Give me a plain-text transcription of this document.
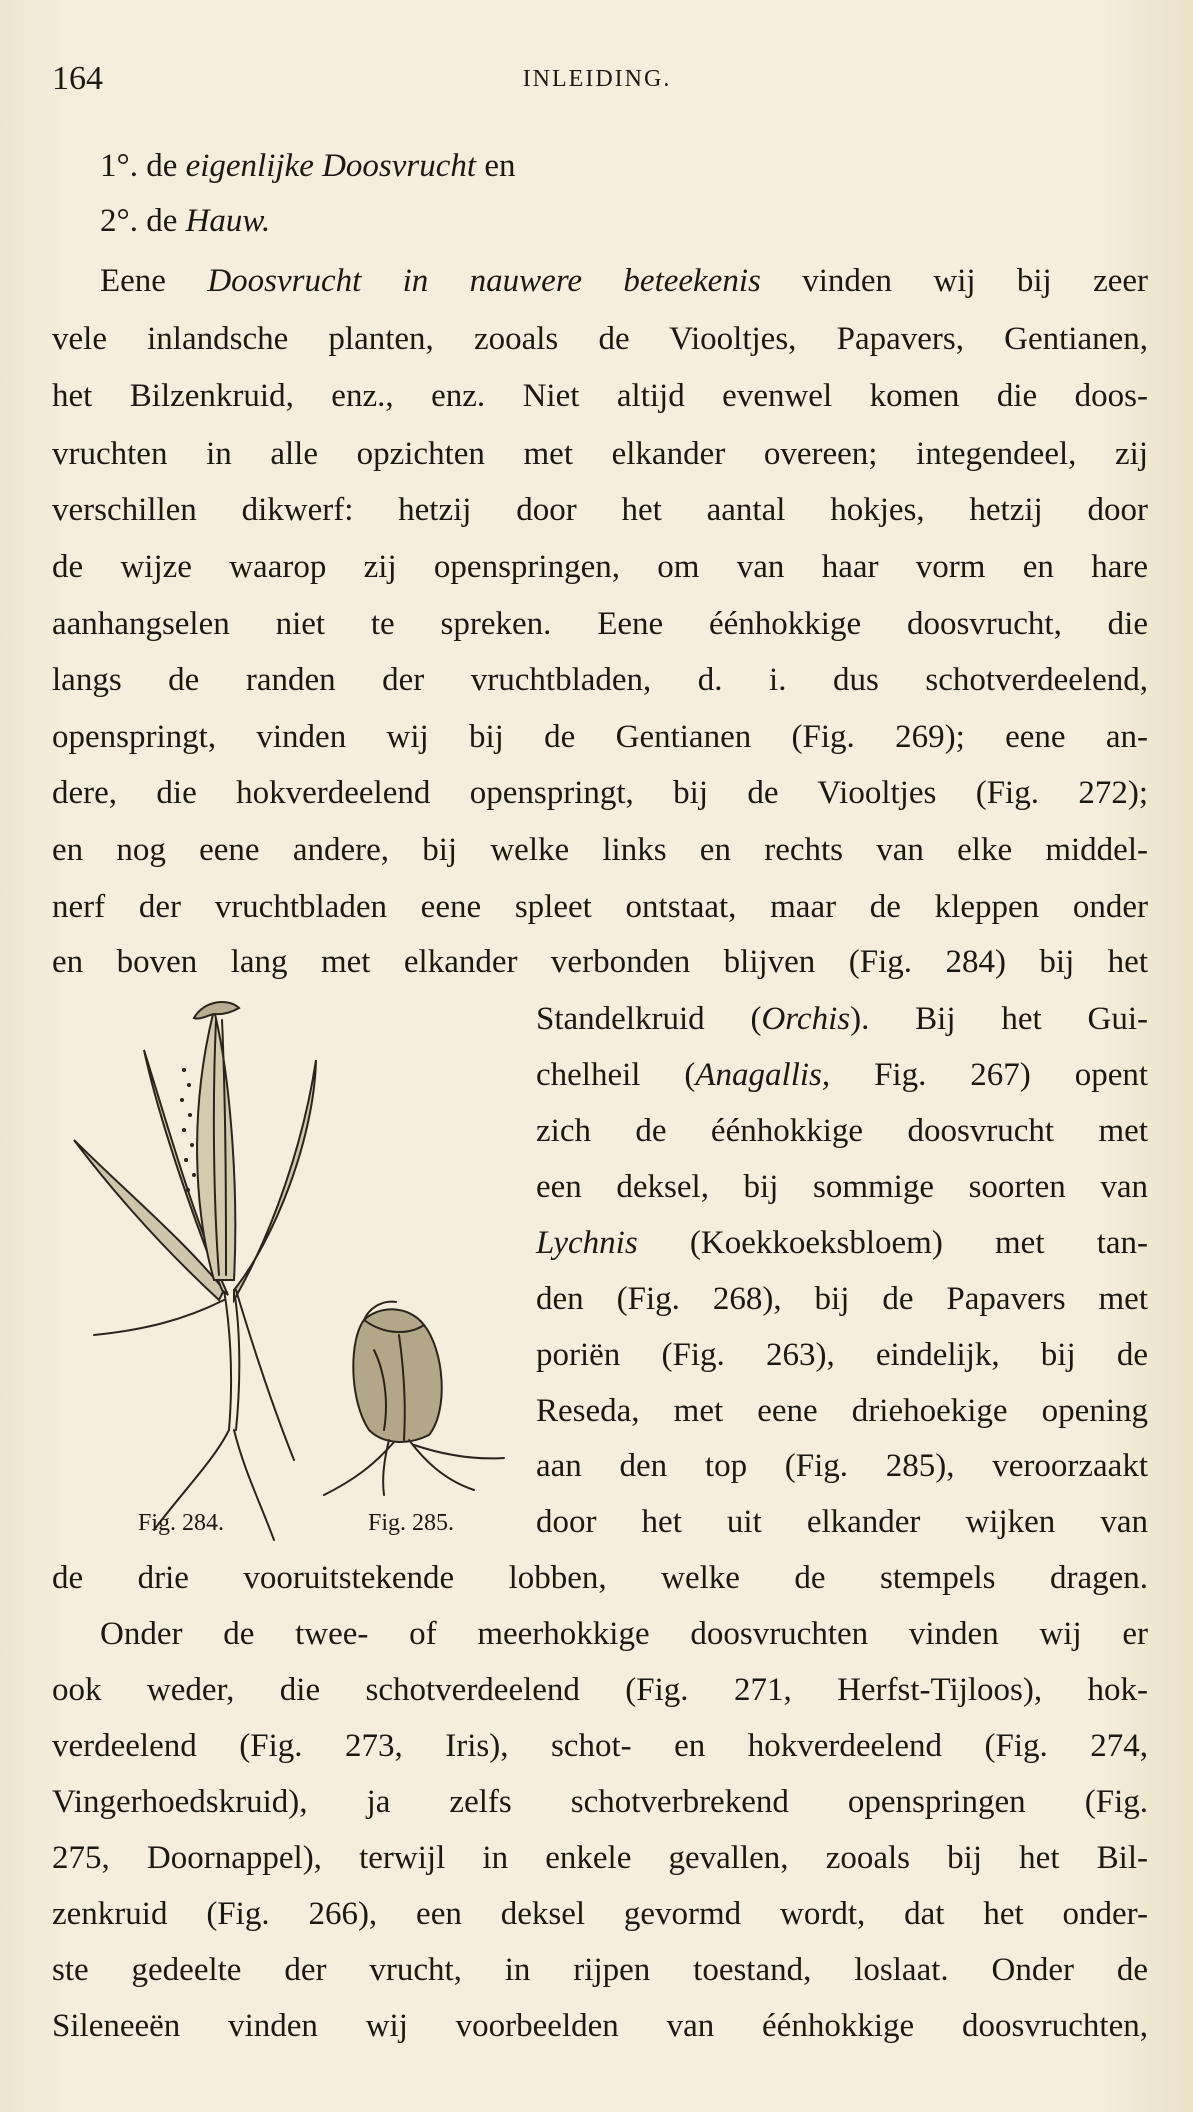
164	INLEIDING.
1°. de eigenlijke Doosvrucht en
2°. de Hauw.
Eene Doosvrucht in nauwere beteekenis vinden wij bij zeer
vele inlandsche planten, zooals de Viooltjes, Papavers, Gentianen,
het Bilzenkruid, enz., enz. Niet altijd evenwel komen die doos-
vruchten in alle opzichten met elkander overeen; integendeel, zij
verschillen dikwerf: hetzij door het aantal hokjes, hetzij door
de wijze waarop zij openspringen, om van haar vorm en hare
aanhangselen niet te spreken. Eene éénhokkige doosvrucht, die
langs de randen der vruchtbladen, d. i. dus schotverdeelend,
openspringt, vinden wij bij de Gentianen (Fig. 269); eene an-
dere, die hokverdeelend openspringt, bij de Viooltjes (Fig. 272);
en nog eene andere, bij welke links en rechts van elke middel-
nerf der vruchtbladen eene spleet ontstaat, maar de kleppen onder
en boven lang met elkander verbonden blijven (Fig. 284) bij het
Standelkruid (Orchis). Bij het Gui-
chelheil (Anagallis, Fig. 267) opent
zich de éénhokkige doosvrucht met
een deksel, bij sommige soorten van
Lychnis (Koekkoeksbloem) met tan-
den (Fig. 268), bij de Papavers met
poriën (Fig. 263), eindelijk, bij de
Reseda, met eene driehoekige opening
aan den top (Fig. 285), veroorzaakt
door het uit elkander wijken van
Fig. 284.	Fig. 285.
de drie vooruitstekende lobben, welke de stempels dragen.
Onder de twee- of meerhokkige doosvruchten vinden wij er
ook weder, die schotverdeelend (Fig. 271, Herfst-Tijloos), hok-
verdeelend (Fig. 273, Iris), schot- en hokverdeelend (Fig. 274,
Vingerhoedskruid), ja zelfs schotverbrekend openspringen (Fig.
275, Doornappel), terwijl in enkele gevallen, zooals bij het Bil-
zenkruid (Fig. 266), een deksel gevormd wordt, dat het onder-
ste gedeelte der vrucht, in rijpen toestand, loslaat. Onder de
Sileneeën vinden wij voorbeelden van éénhokkige doosvruchten,
